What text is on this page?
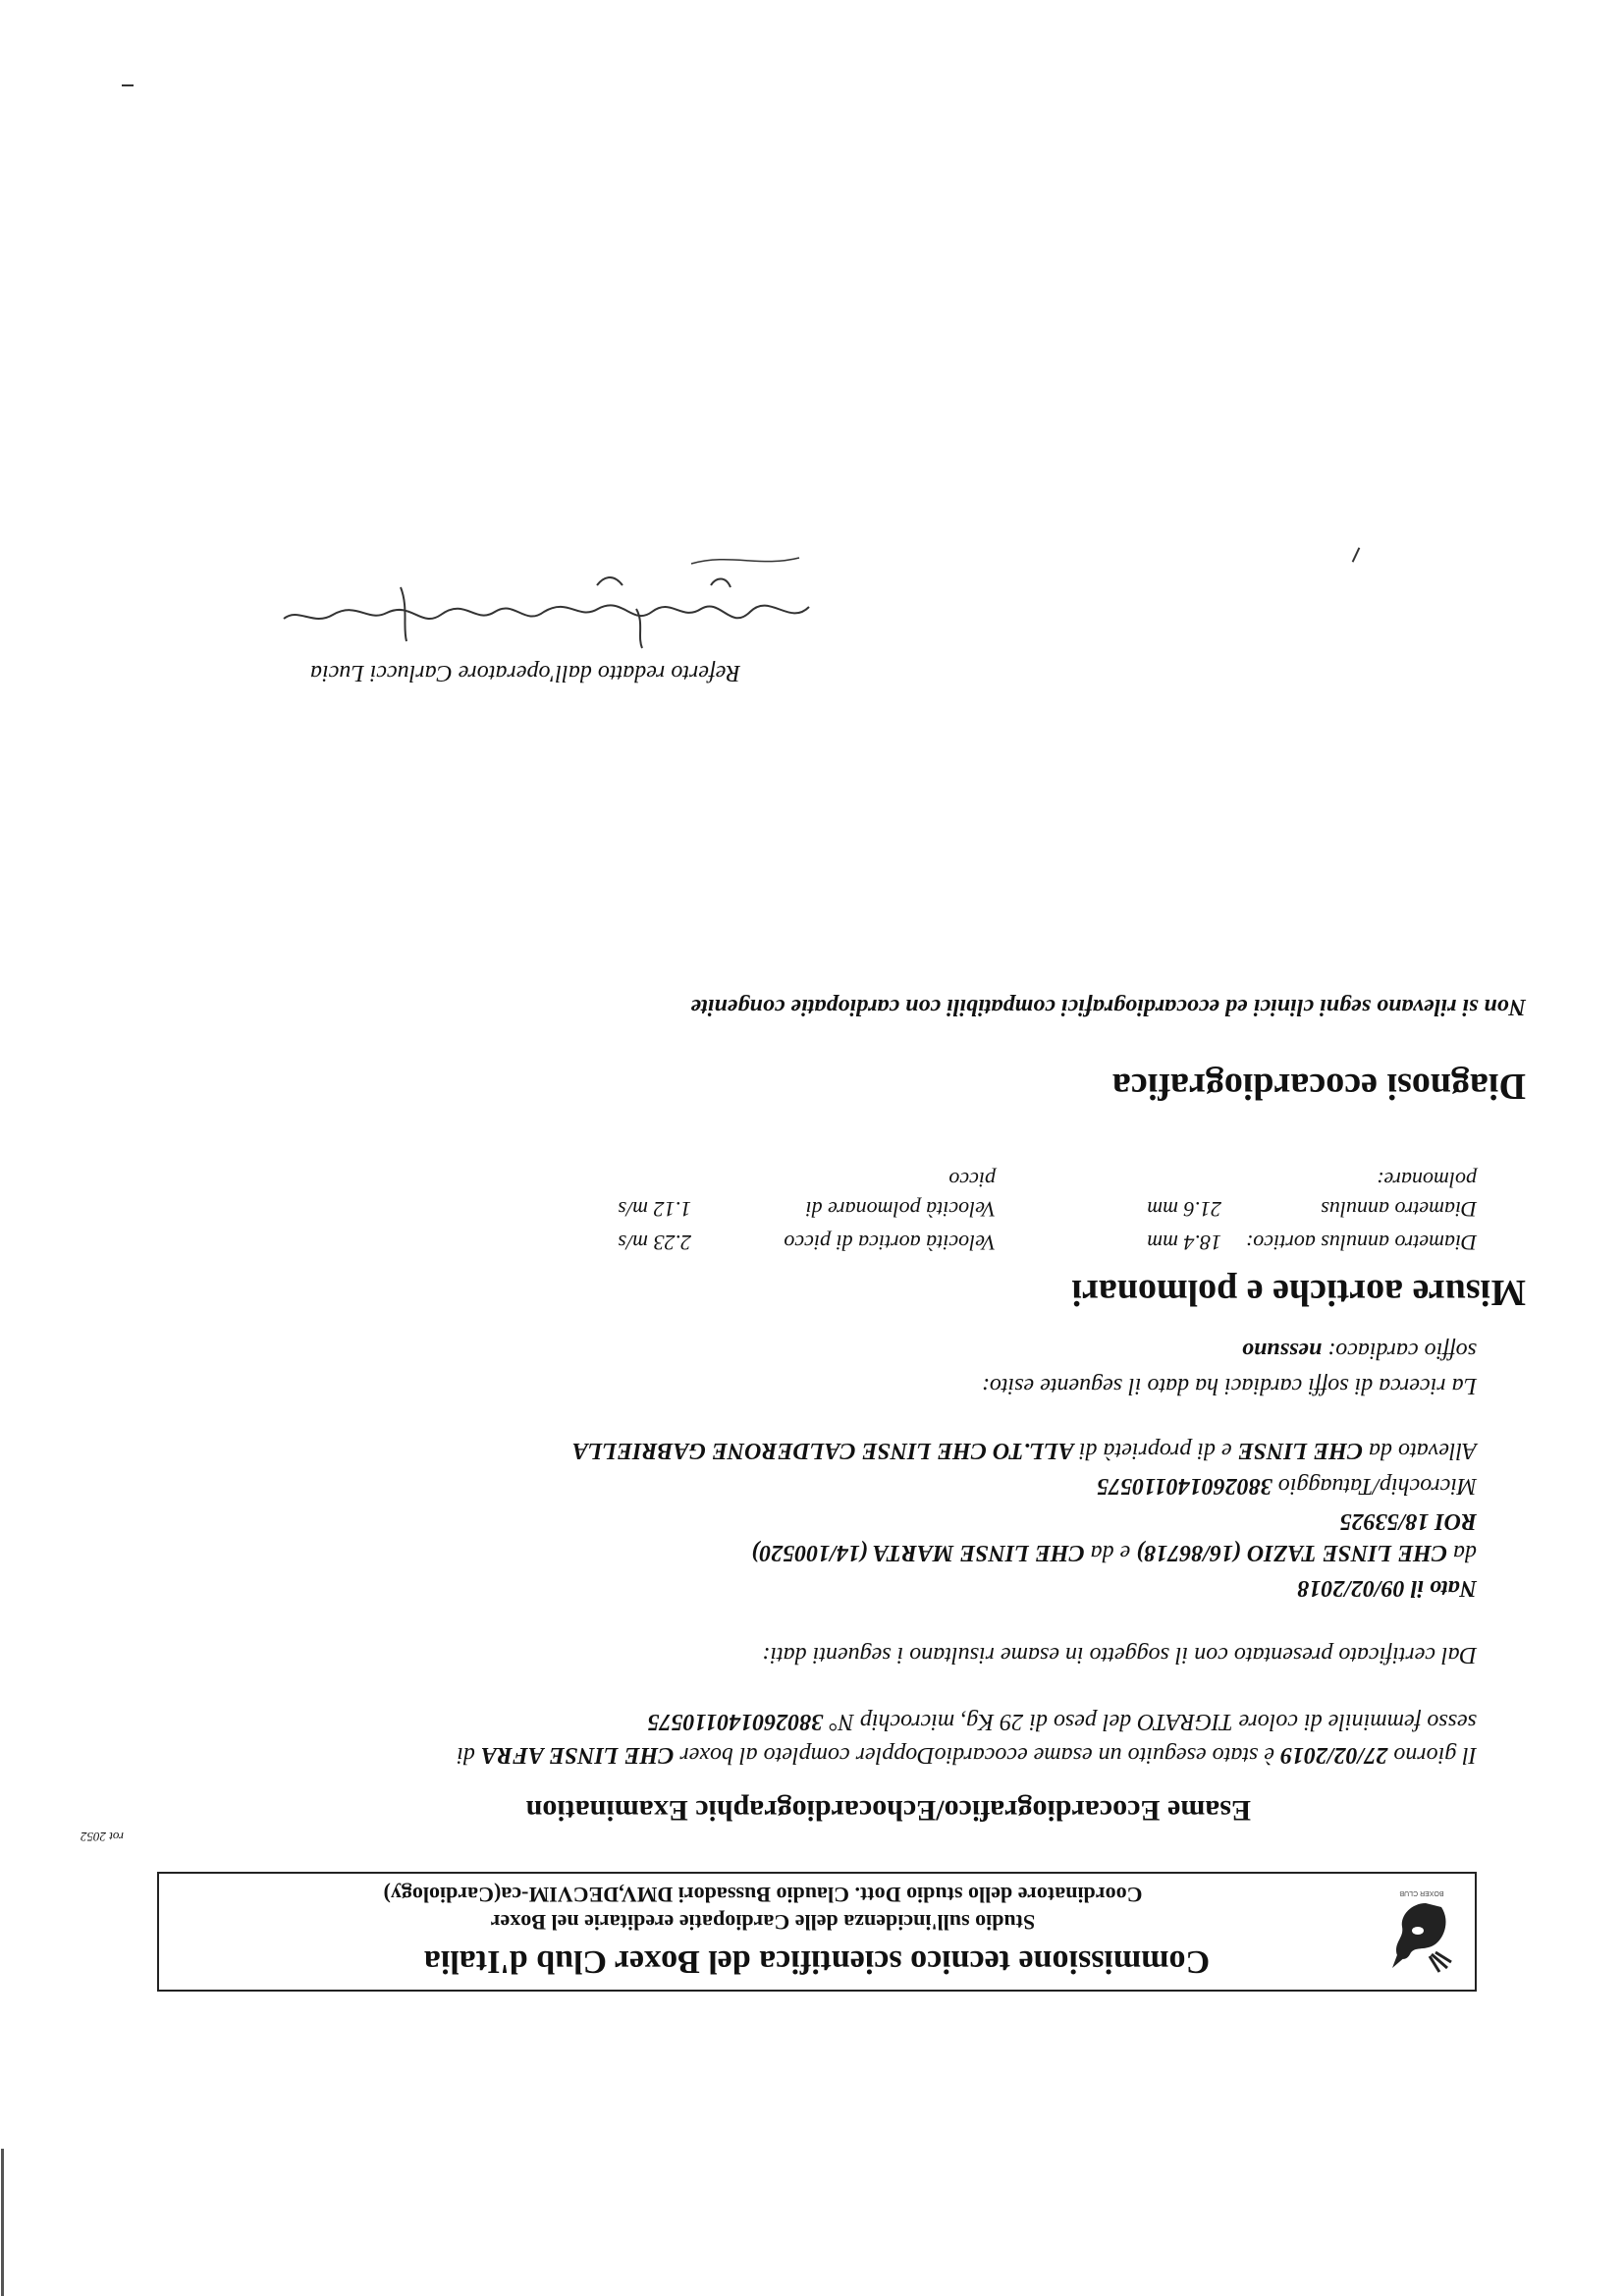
BOXER CLUB
Commissione tecnico scientifica del Boxer Club d'Italia
Studio sull'incidenza delle Cardiopatie ereditarie nel Boxer
Coordinatore dello studio Dott. Claudio Bussadori DMV,DECVIM-ca(Cardiology)
rot 2052
Esame Ecocardiografico/Echocardiographic Examination
Il giorno 27/02/2019 è stato eseguito un esame ecocardioDoppler completo al boxer CHE LINSE AFRA di
sesso femminile di colore TIGRATO del peso di 29 Kg, microchip N° 380260140110575
Dal certificato presentato con il soggetto in esame risultano i seguenti dati:
Nato il 09/02/2018
da CHE LINSE TAZIO (16/86718) e da CHE LINSE MARTA (14/100520)
ROI 18/53925
Microchip/Tatuaggio 380260140110575
Allevato da CHE LINSE e di proprietà di ALL.TO CHE LINSE CALDERONE GABRIELLA
La ricerca di soffi cardiaci ha dato il seguente esito:
soffio cardiaco: nessuno
Misure aortiche e polmonari
Diametro annulus aortico:18.4 mmVelocità aortica di picco2.23 m/s
Diametro annulus21.6 mmVelocità polmonare di1.12 m/s
polmonare:picco
Diagnosi ecocardiografica
Non si rilevano segni clinici ed ecocardiografici compatibili con cardiopatie congenite
Referto redatto dall'operatore Carlucci Lucia
